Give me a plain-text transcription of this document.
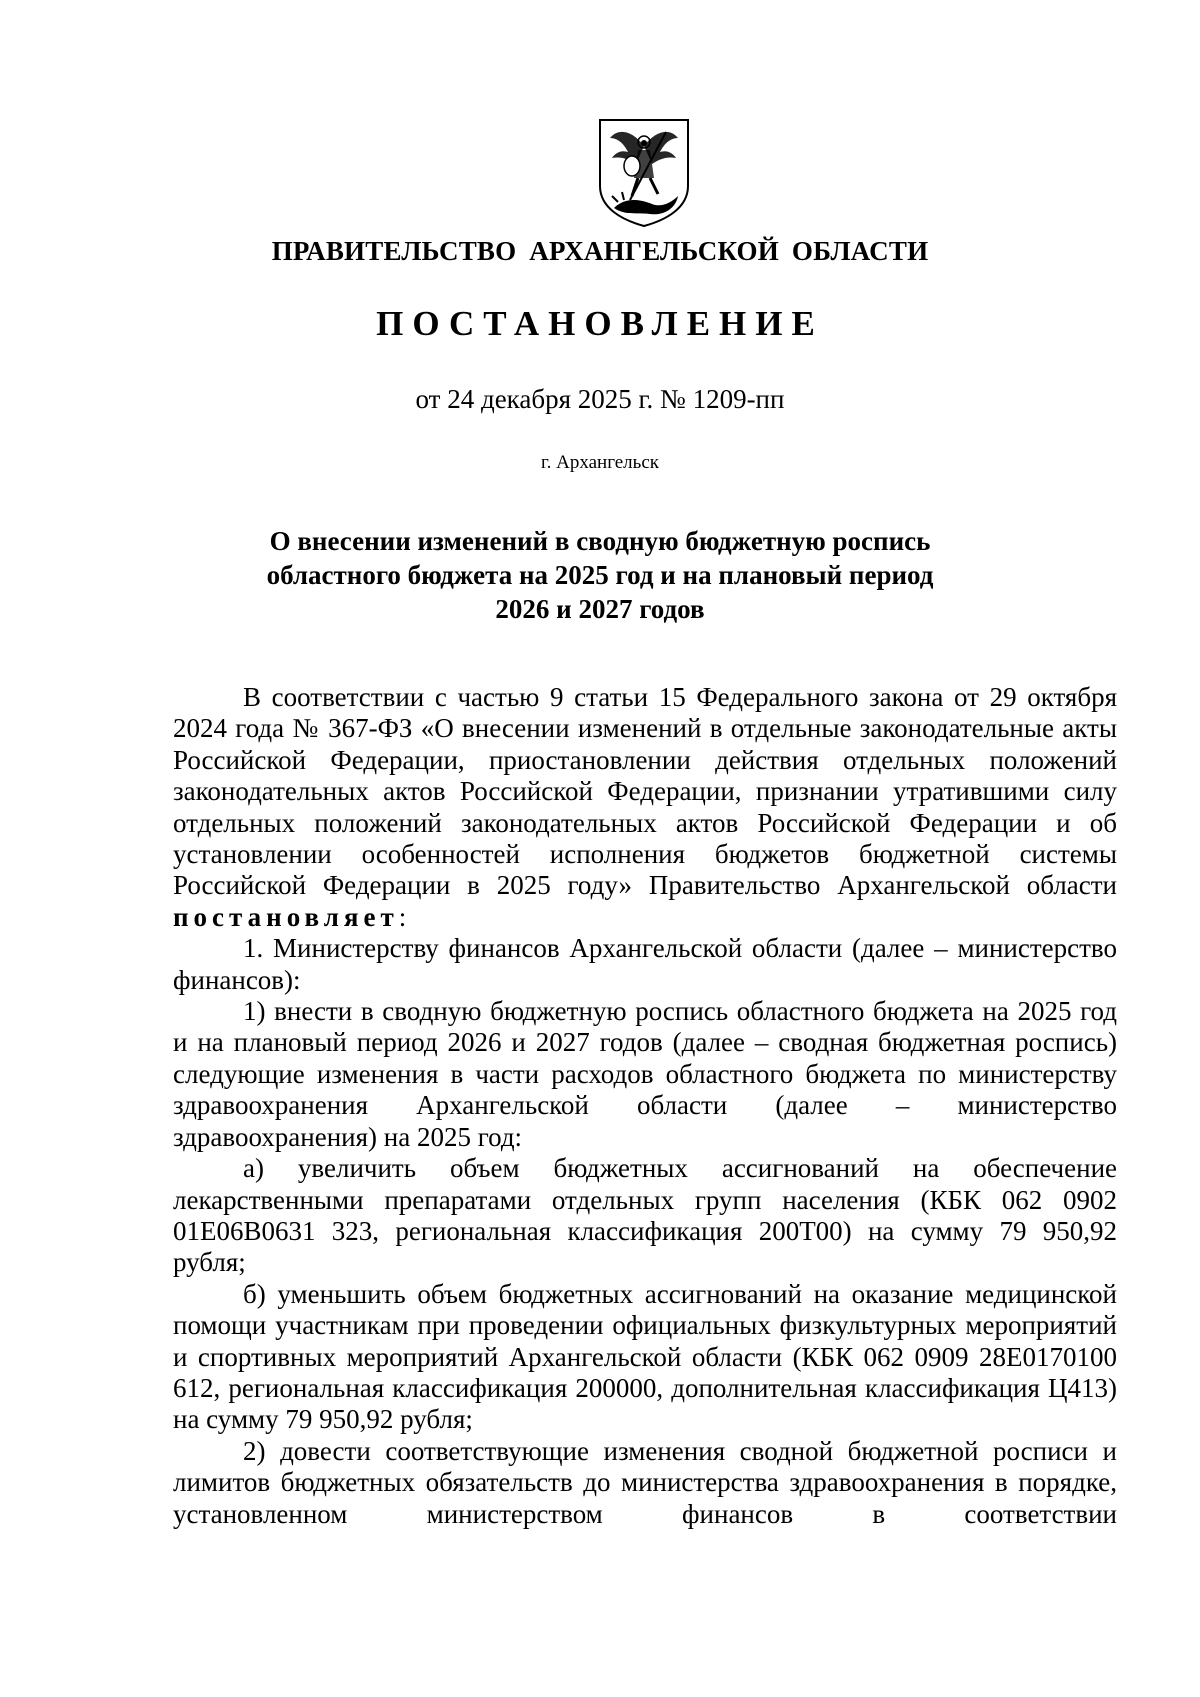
ПРАВИТЕЛЬСТВО АРХАНГЕЛЬСКОЙ ОБЛАСТИ
ПОСТАНОВЛЕНИЕ
от 24 декабря 2025 г. № 1209-пп
г. Архангельск
О внесении изменений в сводную бюджетную роспись
областного бюджета на 2025 год и на плановый период
2026 и 2027 годов

В соответствии с частью 9 статьи 15 Федерального закона от 29 октября 2024 года № 367-ФЗ «О внесении изменений в отдельные законодательные акты Российской Федерации, приостановлении действия отдельных положений законодательных актов Российской Федерации, признании утратившими силу отдельных положений законодательных актов Российской Федерации и об установлении особенностей исполнения бюджетов бюджетной системы Российской Федерации в 2025 году» Правительство Архангельской области постановляет:

1. Министерству финансов Архангельской области (далее – министерство финансов):

1) внести в сводную бюджетную роспись областного бюджета на 2025 год и на плановый период 2026 и 2027 годов (далее – сводная бюджетная роспись) следующие изменения в части расходов областного бюджета по министерству здравоохранения Архангельской области (далее – министерство здравоохранения) на 2025 год:

а) увеличить объем бюджетных ассигнований на обеспечение лекарственными препаратами отдельных групп населения (КБК 062 0902 01Е06В0631 323, региональная классификация 200Т00) на сумму 79 950,92 рубля;

б) уменьшить объем бюджетных ассигнований на оказание медицинской помощи участникам при проведении официальных физкультурных мероприятий и спортивных мероприятий Архангельской области (КБК 062 0909 28Е0170100 612, региональная классификация 200000, дополнительная классификация Ц413) на сумму 79 950,92 рубля;

2) довести соответствующие изменения сводной бюджетной росписи и лимитов бюджетных обязательств до министерства здравоохранения в порядке, установленном министерством финансов в соответствии
